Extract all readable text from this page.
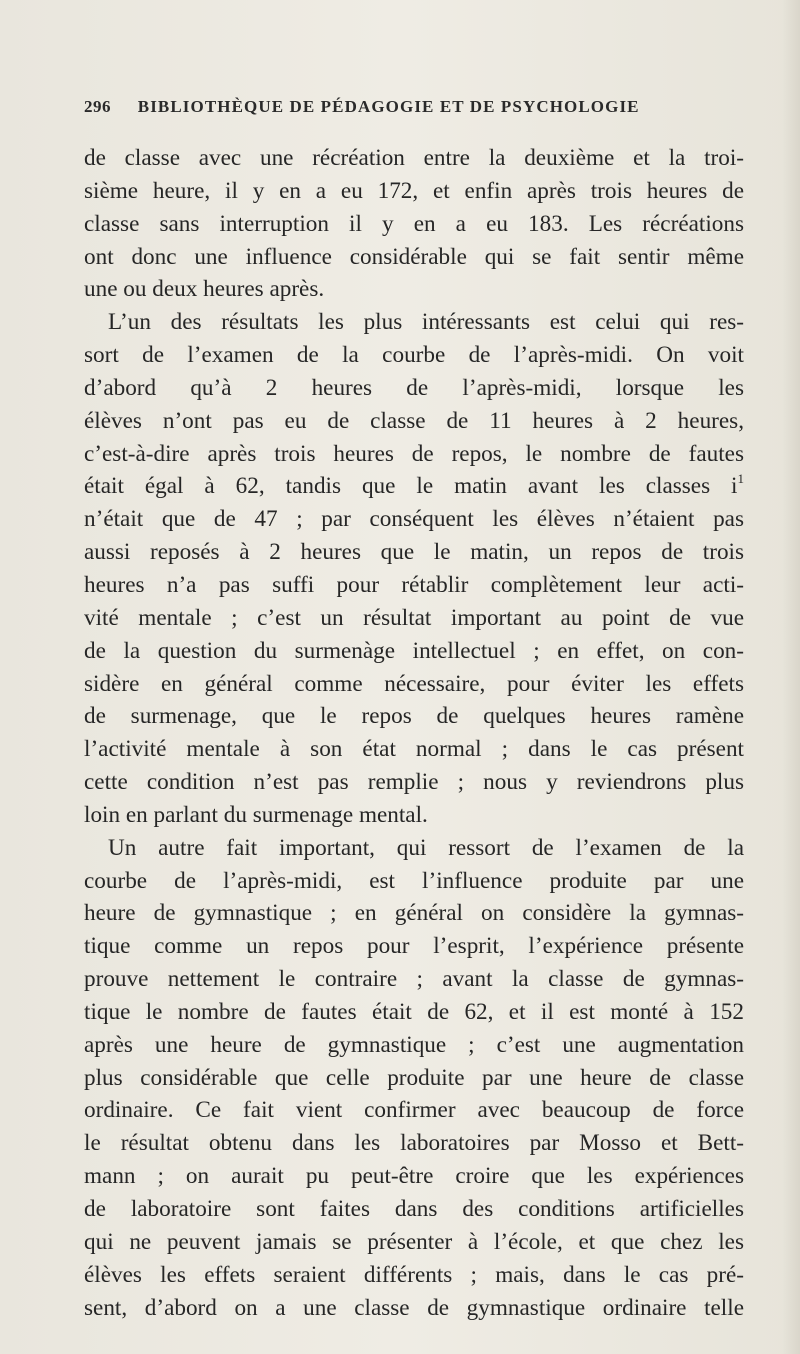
296 BIBLIOTHÈQUE DE PÉDAGOGIE ET DE PSYCHOLOGIE
de classe avec une récréation entre la deuxième et la troi-
sième heure, il y en a eu 172, et enfin après trois heures de
classe sans interruption il y en a eu 183. Les récréations
ont donc une influence considérable qui se fait sentir même
une ou deux heures après.
L’un des résultats les plus intéressants est celui qui res-
sort de l’examen de la courbe de l’après-midi. On voit
d’abord qu’à 2 heures de l’après-midi, lorsque les
élèves n’ont pas eu de classe de 11 heures à 2 heures,
c’est-à-dire après trois heures de repos, le nombre de fautes
était égal à 62, tandis que le matin avant les classes $i^1$
n’était que de 47 ; par conséquent les élèves n’étaient pas
aussi reposés à 2 heures que le matin, un repos de trois
heures n’a pas suffi pour rétablir complètement leur acti-
vité mentale ; c’est un résultat important au point de vue
de la question du surmenàge intellectuel ; en effet, on con-
sidère en général comme nécessaire, pour éviter les effets
de surmenage, que le repos de quelques heures ramène
l’activité mentale à son état normal ; dans le cas présent
cette condition n’est pas remplie ; nous y reviendrons plus
loin en parlant du surmenage mental.
Un autre fait important, qui ressort de l’examen de la
courbe de l’après-midi, est l’influence produite par une
heure de gymnastique ; en général on considère la gymnas-
tique comme un repos pour l’esprit, l’expérience présente
prouve nettement le contraire ; avant la classe de gymnas-
tique le nombre de fautes était de 62, et il est monté à 152
après une heure de gymnastique ; c’est une augmentation
plus considérable que celle produite par une heure de classe
ordinaire. Ce fait vient confirmer avec beaucoup de force
le résultat obtenu dans les laboratoires par Mosso et Bett-
mann ; on aurait pu peut-être croire que les expériences
de laboratoire sont faites dans des conditions artificielles
qui ne peuvent jamais se présenter à l’école, et que chez les
élèves les effets seraient différents ; mais, dans le cas pré-
sent, d’abord on a une classe de gymnastique ordinaire telle
